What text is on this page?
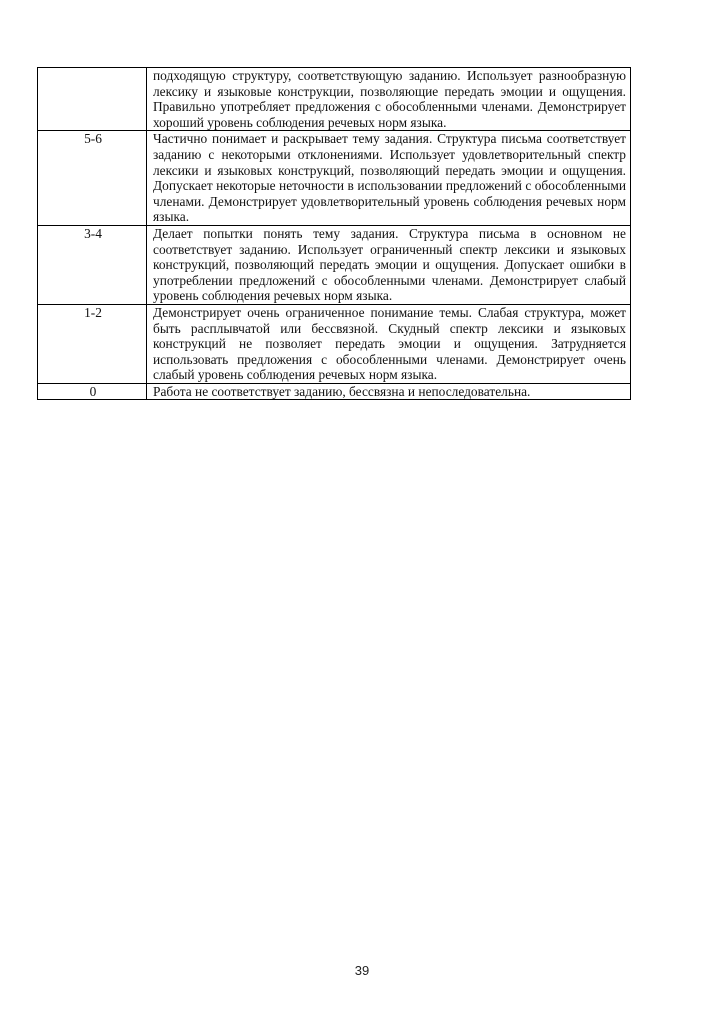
	подходящую структуру, соответствующую заданию. Использует разнообразную лексику и языковые конструкции, позволяющие передать эмоции и ощущения. Правильно употребляет предложения с обособленными членами. Демонстрирует хороший уровень соблюдения речевых норм языка.
5-6	Частично понимает и раскрывает тему задания. Структура письма соответствует заданию с некоторыми отклонениями. Использует удовлетворительный спектр лексики и языковых конструкций, позволяющий передать эмоции и ощущения. Допускает некоторые неточности в использовании предложений с обособленными членами. Демонстрирует удовлетворительный уровень соблюдения речевых норм языка.
3-4	Делает попытки понять тему задания. Структура письма в основном не соответствует заданию. Использует ограниченный спектр лексики и языковых конструкций, позволяющий передать эмоции и ощущения. Допускает ошибки в употреблении предложений с обособленными членами. Демонстрирует слабый уровень соблюдения речевых норм языка.
1-2	Демонстрирует очень ограниченное понимание темы. Слабая структура, может быть расплывчатой или бессвязной. Скудный спектр лексики и языковых конструкций не позволяет передать эмоции и ощущения. Затрудняется использовать предложения с обособленными членами. Демонстрирует очень слабый уровень соблюдения речевых норм языка.
0	Работа не соответствует заданию, бессвязна и непоследовательна.
39
